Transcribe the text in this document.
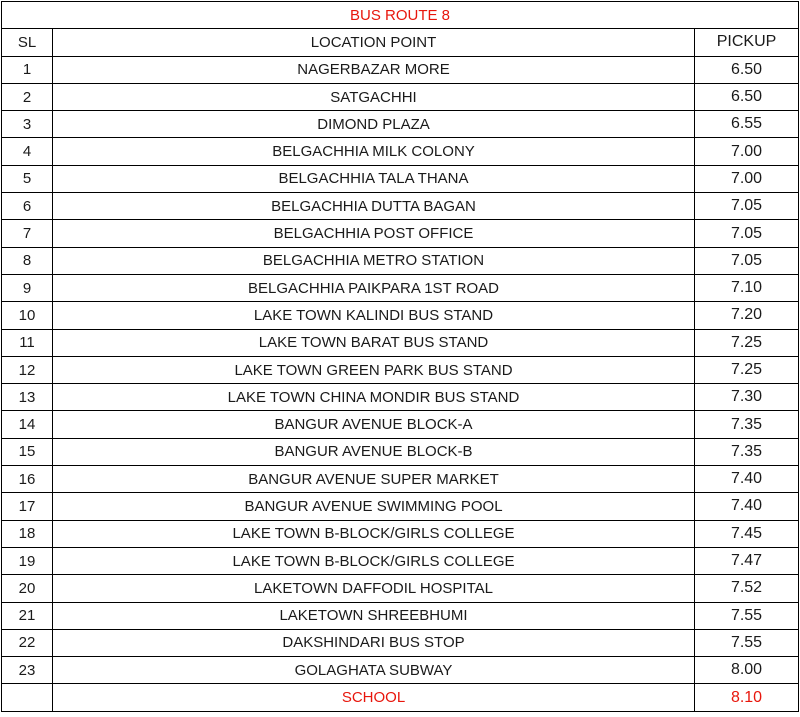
BUS ROUTE 8		
SL	LOCATION POINT	PICKUP
1	NAGERBAZAR MORE	6.50
2	SATGACHHI	6.50
3	DIMOND PLAZA	6.55
4	BELGACHHIA MILK COLONY	7.00
5	BELGACHHIA TALA THANA	7.00
6	BELGACHHIA DUTTA BAGAN	7.05
7	BELGACHHIA POST OFFICE	7.05
8	BELGACHHIA METRO STATION	7.05
9	BELGACHHIA PAIKPARA 1ST ROAD	7.10
10	LAKE TOWN KALINDI BUS STAND	7.20
11	LAKE TOWN BARAT BUS STAND	7.25
12	LAKE TOWN GREEN PARK BUS STAND	7.25
13	LAKE TOWN CHINA MONDIR BUS STAND	7.30
14	BANGUR AVENUE BLOCK-A	7.35
15	BANGUR AVENUE BLOCK-B	7.35
16	BANGUR AVENUE SUPER MARKET	7.40
17	BANGUR AVENUE SWIMMING POOL	7.40
18	LAKE TOWN B-BLOCK/GIRLS COLLEGE	7.45
19	LAKE TOWN B-BLOCK/GIRLS COLLEGE	7.47
20	LAKETOWN DAFFODIL HOSPITAL	7.52
21	LAKETOWN SHREEBHUMI	7.55
22	DAKSHINDARI BUS STOP	7.55
23	GOLAGHATA SUBWAY	8.00
	SCHOOL	8.10
